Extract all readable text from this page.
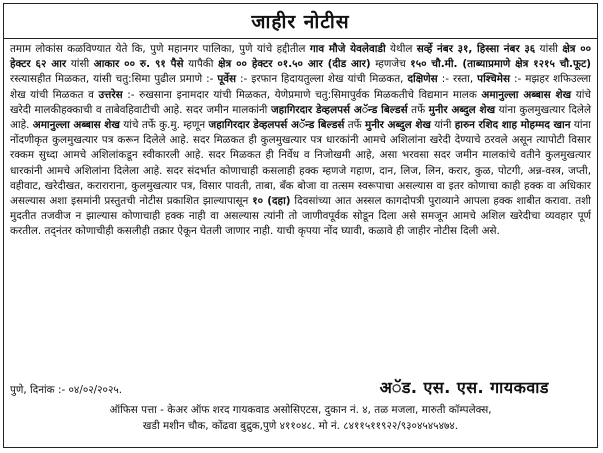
जाहीर नोटीस
तमाम लोकांस कळविण्यात येते कि, पुणे महानगर पालिका, पुणे यांचे हद्दीतील गाव मौजे येवलेवाडी येथील सर्व्हे नंबर ३१, हिस्सा नंबर ३६ यांसी क्षेत्र ०० हेक्टर ६२ आर यांसी आकार ०० रु. ९१ पैसे यापैकी क्षेत्र ०० हेक्टर ०१.५० आर (दीड आर) म्हणजेच १५० चौ.मी. (ताब्याप्रमाणे क्षेत्र १२१५ चौ.फूट) रस्त्यासहीत मिळकत, यांसी चतु:सिमा पुढील प्रमाणे :- पूर्वेस :- इरफान हिदायतुल्ला शेख यांची मिळकत, दक्षिणेस :- रस्ता, पश्चिमेस :- मझहर शफिउल्ला शेख यांची मिळकत व उत्तरेस :- रुखसाना इनामदार यांची मिळकत, येणेप्रमाणे चतु:सिमापुर्वक मिळकतीचे विद्यमान मालक अमानुल्ला अब्बास शेख यांचे खरेदी मालकीहक्काची व ताबेवहिवाटीची आहे. सदर जमीन मालकांनी जहागिरदार डेव्हलपर्स अॅन्ड बिल्डर्स तर्फे मुनीर अब्दुल शेख यांना कुलमुखत्यार दिलेले आहे. अमानुल्ला अब्बास शेख यांचे तर्फे कु.मु. म्हणून जहागिरदार डेव्हलपर्स अॅन्ड बिल्डर्स तर्फे मुनीर अब्दुल शेख यांनी हारुन रशिद शाह मोहम्मद खान यांना नोंदणीकृत कुलमुखत्यार पत्र करून दिलेले आहे. सदर मिळकत ही कुलमुखत्यार पत्र धारकांनी आमचे अशिलांना खरेदी देण्याचे ठरवले असून त्यापोटी विसार रक्कम सुध्दा आमचे अशिलांकडून स्वीकारली आहे. सदर मिळकत ही निर्वेध व निजोखमी आहे, असा भरवसा सदर जमीन मालकांचे वतीने कुलमुखत्यार धारकांनी आमचे अशिलांना दिलेला आहे. सदर संदर्भात कोणाचाही कसलाही हक्क म्हणजे गहाण, दान, लिज, लिन, करार, कुळ, पोटगी, अन्न-वस्त्र, जप्ती, वहीवाट, खरेदीखत, कराराराना, कुलमुखत्यार पत्र, विसार पावती, ताबा, बँक बोजा वा तत्सम स्वरूपाचा असल्यास वा इतर कोणाचा काही हक्क वा अधिकार असल्यास अशा इसमांनी प्रस्तुतची नोटीस प्रकाशित झाल्यापासून १० (दहा) दिवसांच्या आत अस्सल कागदोपत्री पुराव्याने आपला हक्क शाबीत करावा. तशी मुदतीत तजवीज न झाल्यास कोणाचाही हक्क नाही वा असल्यास त्यांनी तो जाणीवपूर्वक सोडून दिला असे समजून आमचे अशिल खरेदीचा व्यवहार पूर्ण करतील. तद्नंतर कोणाचीही कसलीही तक्रार ऐकून घेतली जाणार नाही. याची कृपया नोंद घ्यावी, कळावे ही जाहीर नोटीस दिली असे.
पुणे, दिनांक :- ०४/०२/२०२५.	अॅड. एस. एस. गायकवाड
ऑफिस पत्ता - केअर ऑफ शरद गायकवाड असोसिएटस, दुकान नं. ४, तळ मजला, मारुती कॉम्पलेक्स,
खडी मशीन चौक, कोंढवा बुद्रुक,पुणे ४११०४८. मो नं. ८४११५११९२२/९३०४५४५४७४.
